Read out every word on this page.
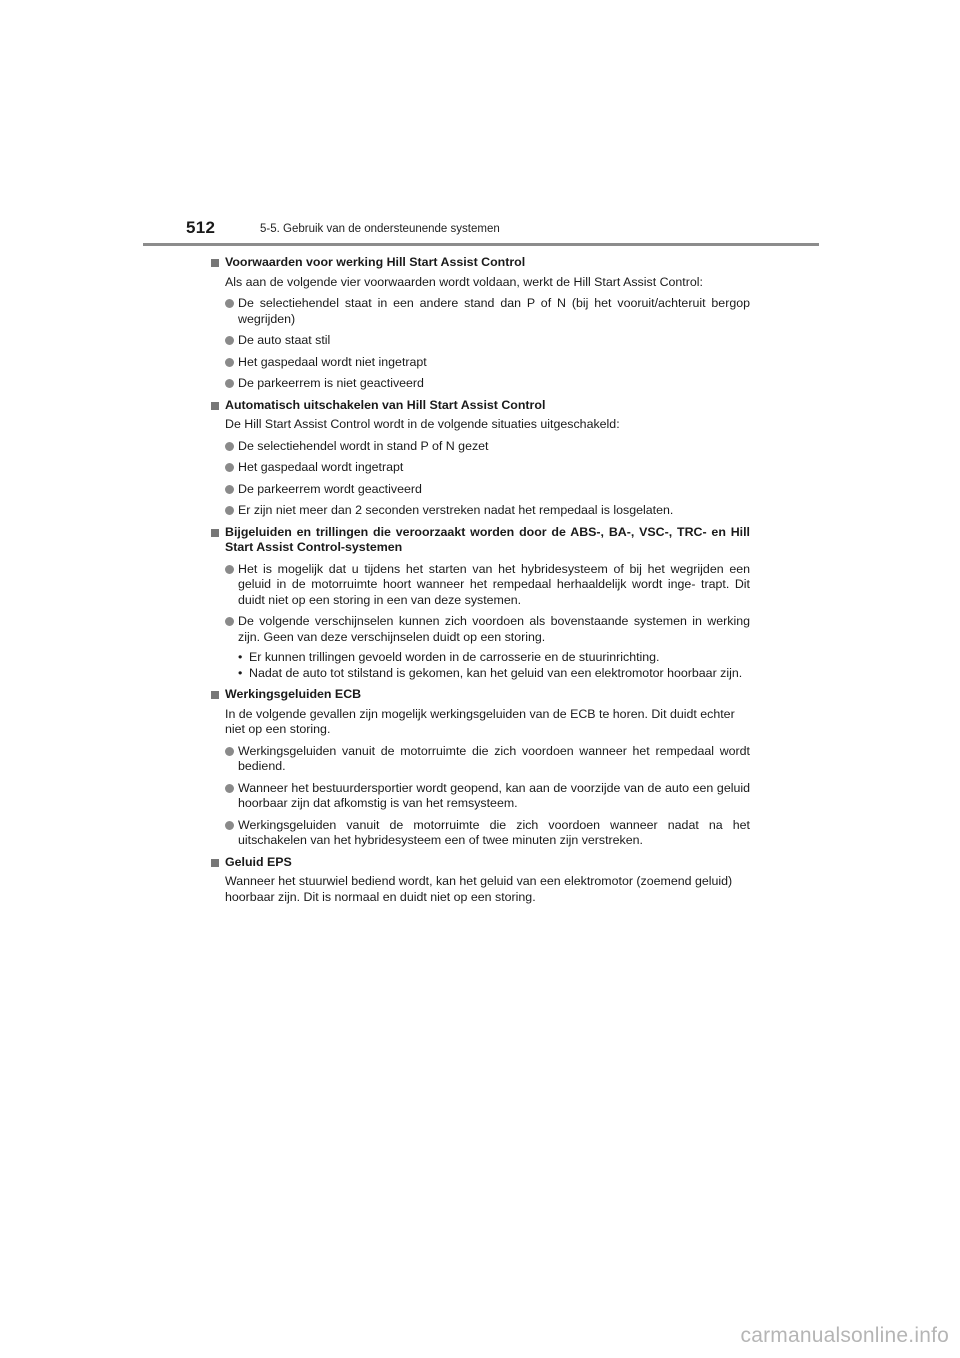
512	5-5. Gebruik van de ondersteunende systemen
Voorwaarden voor werking Hill Start Assist Control
Als aan de volgende vier voorwaarden wordt voldaan, werkt de Hill Start Assist Control:
De selectiehendel staat in een andere stand dan P of N (bij het vooruit/achteruit bergop wegrijden)
De auto staat stil
Het gaspedaal wordt niet ingetrapt
De parkeerrem is niet geactiveerd
Automatisch uitschakelen van Hill Start Assist Control
De Hill Start Assist Control wordt in de volgende situaties uitgeschakeld:
De selectiehendel wordt in stand P of N gezet
Het gaspedaal wordt ingetrapt
De parkeerrem wordt geactiveerd
Er zijn niet meer dan 2 seconden verstreken nadat het rempedaal is losgelaten.
Bijgeluiden en trillingen die veroorzaakt worden door de ABS-, BA-, VSC-, TRC- en Hill Start Assist Control-systemen
Het is mogelijk dat u tijdens het starten van het hybridesysteem of bij het wegrijden een geluid in de motorruimte hoort wanneer het rempedaal herhaaldelijk wordt inge- trapt. Dit duidt niet op een storing in een van deze systemen.
De volgende verschijnselen kunnen zich voordoen als bovenstaande systemen in werking zijn. Geen van deze verschijnselen duidt op een storing.
• Er kunnen trillingen gevoeld worden in de carrosserie en de stuurinrichting.
• Nadat de auto tot stilstand is gekomen, kan het geluid van een elektromotor hoorbaar zijn.
Werkingsgeluiden ECB
In de volgende gevallen zijn mogelijk werkingsgeluiden van de ECB te horen. Dit duidt echter niet op een storing.
Werkingsgeluiden vanuit de motorruimte die zich voordoen wanneer het rempedaal wordt bediend.
Wanneer het bestuurdersportier wordt geopend, kan aan de voorzijde van de auto een geluid hoorbaar zijn dat afkomstig is van het remsysteem.
Werkingsgeluiden vanuit de motorruimte die zich voordoen wanneer nadat na het uitschakelen van het hybridesysteem een of twee minuten zijn verstreken.
Geluid EPS
Wanneer het stuurwiel bediend wordt, kan het geluid van een elektromotor (zoemend geluid) hoorbaar zijn. Dit is normaal en duidt niet op een storing.
carmanualsonline.info
